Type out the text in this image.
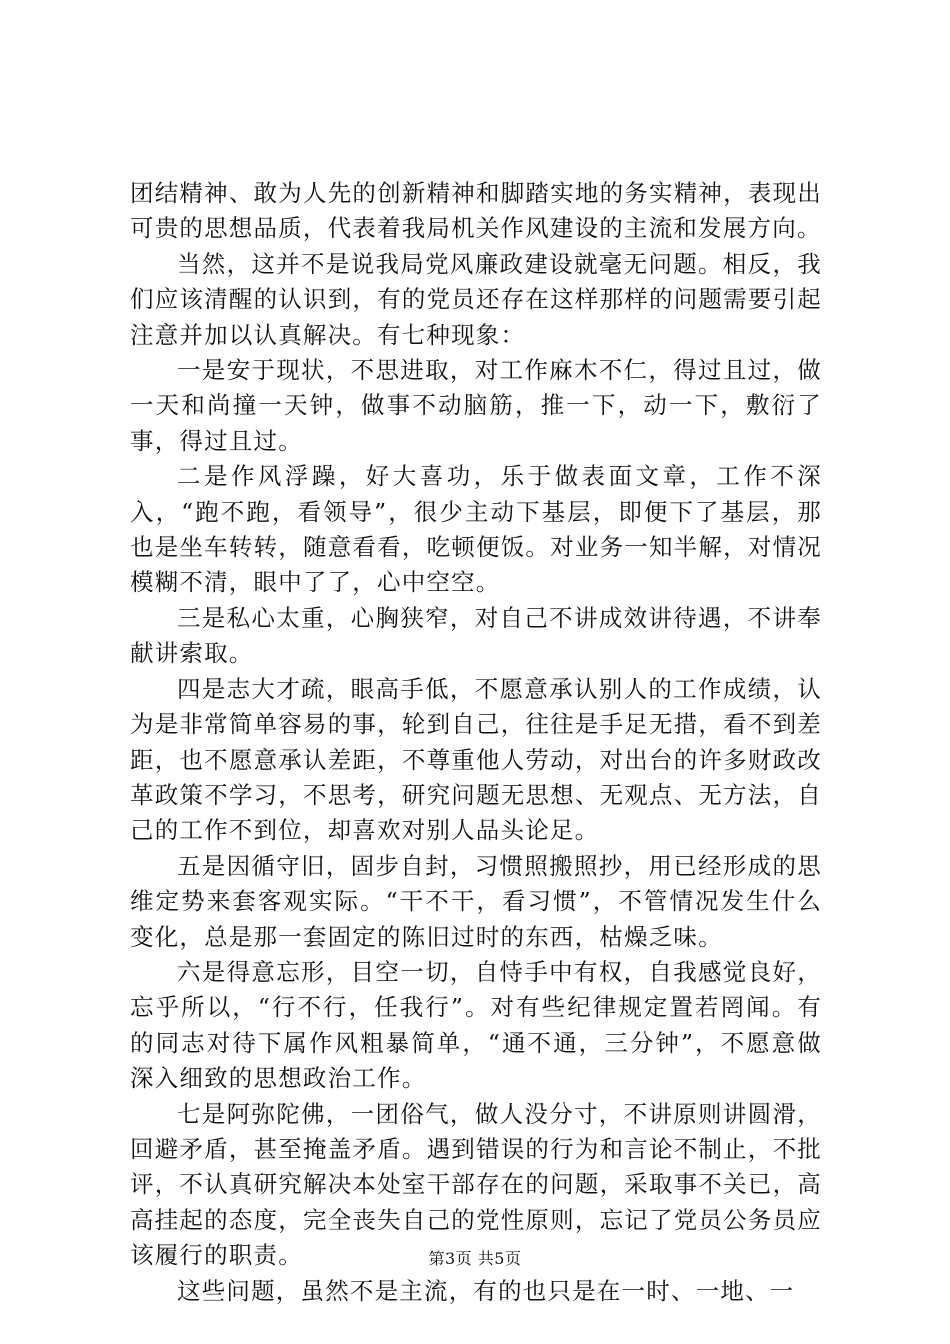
团结精神、敢为人先的创新精神和脚踏实地的务实精神，表现出可贵的思想品质，代表着我局机关作风建设的主流和发展方向。

当然，这并不是说我局党风廉政建设就毫无问题。相反，我们应该清醒的认识到，有的党员还存在这样那样的问题需要引起注意并加以认真解决。有七种现象：

一是安于现状，不思进取，对工作麻木不仁，得过且过，做一天和尚撞一天钟，做事不动脑筋，推一下，动一下，敷衍了事，得过且过。

二是作风浮躁，好大喜功，乐于做表面文章，工作不深入，“跑不跑，看领导”，很少主动下基层，即便下了基层，那也是坐车转转，随意看看，吃顿便饭。对业务一知半解，对情况模糊不清，眼中了了，心中空空。

三是私心太重，心胸狭窄，对自己不讲成效讲待遇，不讲奉献讲索取。

四是志大才疏，眼高手低，不愿意承认别人的工作成绩，认为是非常简单容易的事，轮到自己，往往是手足无措，看不到差距，也不愿意承认差距，不尊重他人劳动，对出台的许多财政改革政策不学习，不思考，研究问题无思想、无观点、无方法，自己的工作不到位，却喜欢对别人品头论足。

五是因循守旧，固步自封，习惯照搬照抄，用已经形成的思维定势来套客观实际。“干不干，看习惯”，不管情况发生什么变化，总是那一套固定的陈旧过时的东西，枯燥乏味。

六是得意忘形，目空一切，自恃手中有权，自我感觉良好，忘乎所以，“行不行，任我行”。对有些纪律规定置若罔闻。有的同志对待下属作风粗暴简单，“通不通，三分钟”，不愿意做深入细致的思想政治工作。

七是阿弥陀佛，一团俗气，做人没分寸，不讲原则讲圆滑，回避矛盾，甚至掩盖矛盾。遇到错误的行为和言论不制止，不批评，不认真研究解决本处室干部存在的问题，采取事不关已，高高挂起的态度，完全丧失自己的党性原则，忘记了党员公务员应该履行的职责。

这些问题，虽然不是主流，有的也只是在一时、一地、一

第3页 共5页
